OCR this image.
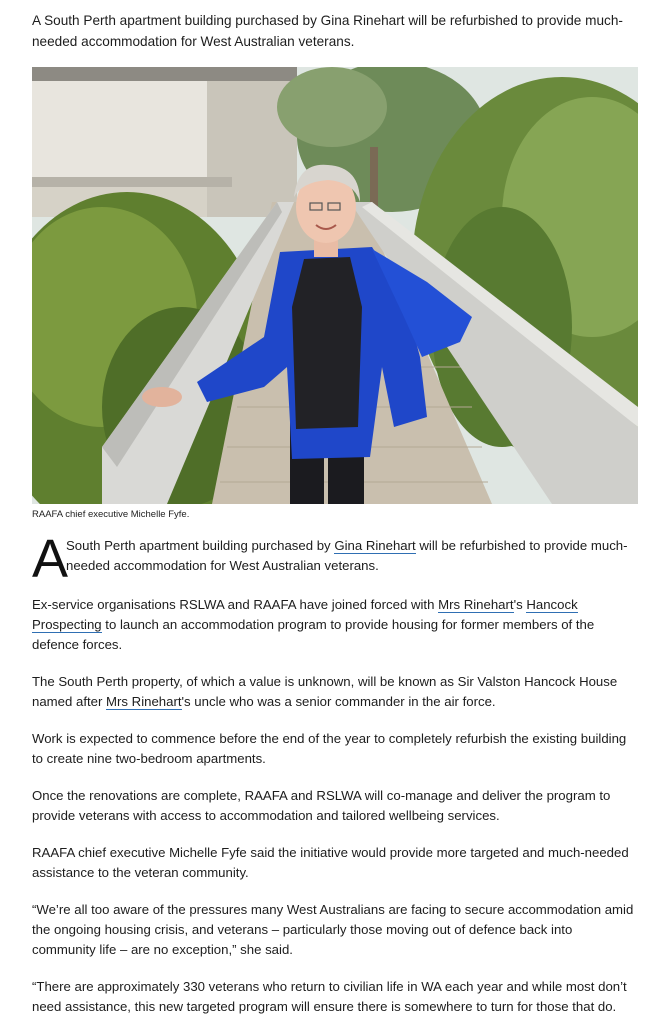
A South Perth apartment building purchased by Gina Rinehart will be refurbished to provide much-needed accommodation for West Australian veterans.

RAAFA chief executive Michelle Fyfe.

A
South Perth apartment building purchased by Gina Rinehart will be refurbished to provide much-needed accommodation for West Australian veterans.

Ex-service organisations RSLWA and RAAFA have joined forced with Mrs Rinehart's Hancock Prospecting to launch an accommodation program to provide housing for former members of the defence forces.

The South Perth property, of which a value is unknown, will be known as Sir Valston Hancock House named after Mrs Rinehart's uncle who was a senior commander in the air force.

Work is expected to commence before the end of the year to completely refurbish the existing building to create nine two-bedroom apartments.

Once the renovations are complete, RAAFA and RSLWA will co-manage and deliver the program to provide veterans with access to accommodation and tailored wellbeing services.

RAAFA chief executive Michelle Fyfe said the initiative would provide more targeted and much-needed assistance to the veteran community.

“We’re all too aware of the pressures many West Australians are facing to secure accommodation amid the ongoing housing crisis, and veterans – particularly those moving out of defence back into community life – are no exception,” she said.

“There are approximately 330 veterans who return to civilian life in WA each year and while most don’t need assistance, this new targeted program will ensure there is somewhere to turn for those that do.
